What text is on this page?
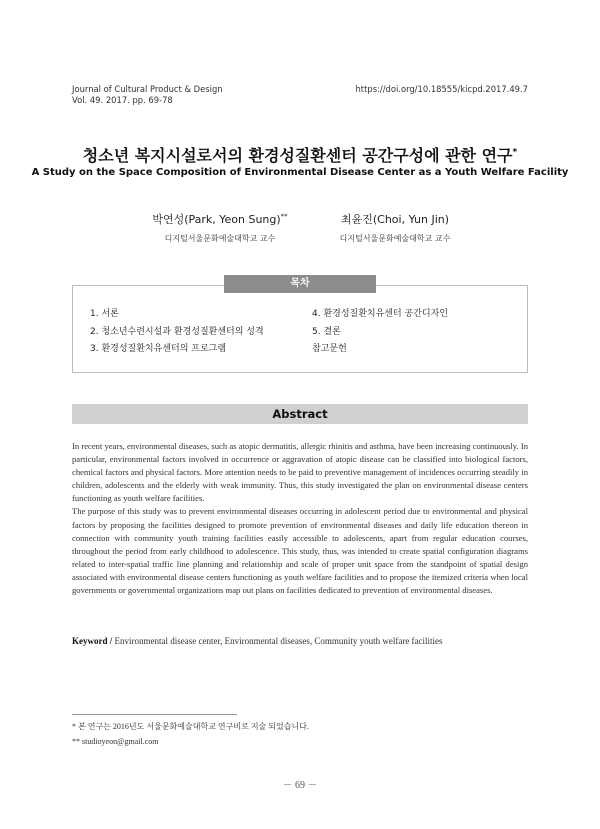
Journal of Cultural Product & Design
Vol. 49. 2017. pp. 69-78
https://doi.org/10.18555/kicpd.2017.49.7
청소년 복지시설로서의 환경성질환센터 공간구성에 관한 연구*
A Study on the Space Composition of Environmental Disease Center as a Youth Welfare Facility
박연성(Park, Yeon Sung)**
디지털서울문화예술대학교 교수
최윤진(Choi, Yun Jin)
디지털서울문화예술대학교 교수
목차
1. 서론
2. 청소년수련시설과 환경성질환센터의 성격
3. 환경성질환치유센터의 프로그램
4. 환경성질환치유센터 공간디자인
5. 결론
참고문헌
Abstract

In recent years, environmental diseases, such as atopic dermatitis, allergic rhinitis and asthma, have been increasing continuously. In particular, environmental factors involved in occurrence or aggravation of atopic disease can be classified into biological factors, chemical factors and physical factors. More attention needs to be paid to preventive management of incidences occurring steadily in children, adolescents and the elderly with weak immunity. Thus, this study investigated the plan on environmental disease centers functioning as youth welfare facilities.

The purpose of this study was to prevent environmental diseases occurring in adolescent period due to environmental and physical factors by proposing the facilities designed to promote prevention of environmental diseases and daily life education thereon in connection with community youth training facilities easily accessible to adolescents, apart from regular education courses, throughout the period from early childhood to adolescence. This study, thus, was intended to create spatial configuration diagrams related to inter-spatial traffic line planning and relationship and scale of proper unit space from the standpoint of spatial design associated with environmental disease centers functioning as youth welfare facilities and to propose the itemized criteria when local governments or governmental organizations map out plans on facilities dedicated to prevention of environmental diseases.

Keyword / Environmental disease center, Environmental diseases, Community youth welfare facilities
* 본 연구는 2016년도 서울문화예술대학교 연구비로 지술 되었습니다.
** studioyeon@gmail.com
－ 69 －
